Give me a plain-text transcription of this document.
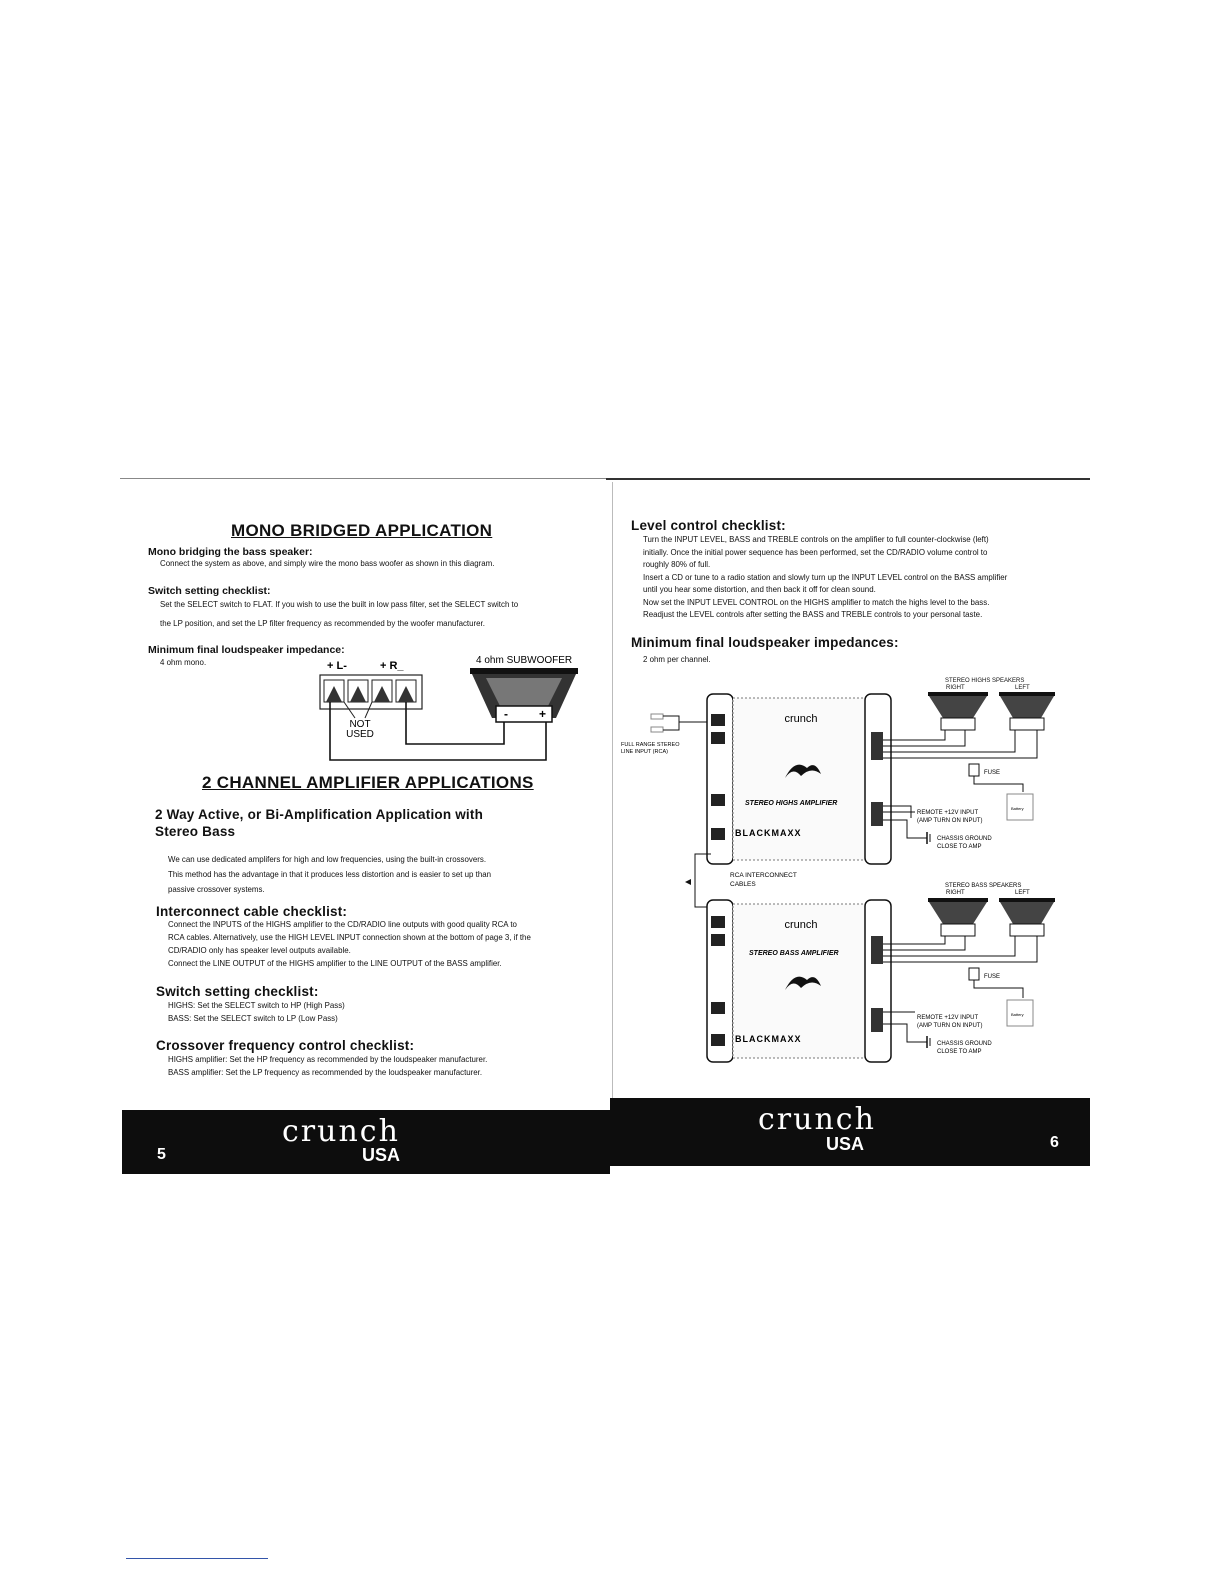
MONO BRIDGED APPLICATION
Mono bridging the bass speaker:
Connect the system as above, and simply wire the mono bass woofer as shown in this diagram.
Switch setting checklist:
Set the SELECT switch to FLAT. If you wish to use the built in low pass filter, set the SELECT switch to
the LP position, and set the LP filter frequency as recommended by the woofer manufacturer.
Minimum final loudspeaker impedance:
4 ohm mono.	+ L-	+ R_	4 ohm SUBWOOFER
NOT
USED
-	+
2 CHANNEL AMPLIFIER APPLICATIONS
2 Way Active, or Bi-Amplification Application with
Stereo Bass
We can use dedicated amplifers for high and low frequencies, using the built-in crossovers.
This method has the advantage in that it produces less distortion and is easier to set up than
passive crossover systems.
Interconnect cable checklist:
Connect the INPUTS of the HIGHS amplifier to the CD/RADIO line outputs with good quality RCA to
RCA cables. Alternatively, use the HIGH LEVEL INPUT connection shown at the bottom of page 3, if the
CD/RADIO only has speaker level outputs available.
Connect the LINE OUTPUT of the HIGHS amplifier to the LINE OUTPUT of the BASS amplifier.
Switch setting checklist:
HIGHS: Set the SELECT switch to HP (High Pass)
BASS: Set the SELECT switch to LP (Low Pass)
Crossover frequency control checklist:
HIGHS amplifier: Set the HP frequency as recommended by the loudspeaker manufacturer.
BASS amplifier: Set the LP frequency as recommended by the loudspeaker manufacturer.
crunch
USA
5
Level control checklist:
Turn the INPUT LEVEL, BASS and TREBLE controls on the amplifier to full counter-clockwise (left)
initially. Once the initial power sequence has been performed, set the CD/RADIO volume control to
roughly 80% of full.
Insert a CD or tune to a radio station and slowly turn up the INPUT LEVEL control on the BASS amplifier
until you hear some distortion, and then back it off for clean sound.
Now set the INPUT LEVEL CONTROL on the HIGHS amplifier to match the highs level to the bass.
Readjust the LEVEL controls after setting the BASS and TREBLE controls to your personal taste.
Minimum final loudspeaker impedances:
2 ohm per channel.
STEREO HIGHS SPEAKERS
RIGHT	LEFT
FULL RANGE STEREO
LINE INPUT (RCA)
crunch
STEREO HIGHS AMPLIFIER
BLACKMAXX
FUSE
Battery
REMOTE +12V INPUT
(AMP TURN ON INPUT)
CHASSIS GROUND
CLOSE TO AMP
RCA INTERCONNECT
CABLES	STEREO BASS SPEAKERS
RIGHT	LEFT
crunch
STEREO BASS AMPLIFIER
BLACKMAXX
FUSE
Battery
REMOTE +12V INPUT
(AMP TURN ON INPUT)
CHASSIS GROUND
CLOSE TO AMP
crunch
USA	6
